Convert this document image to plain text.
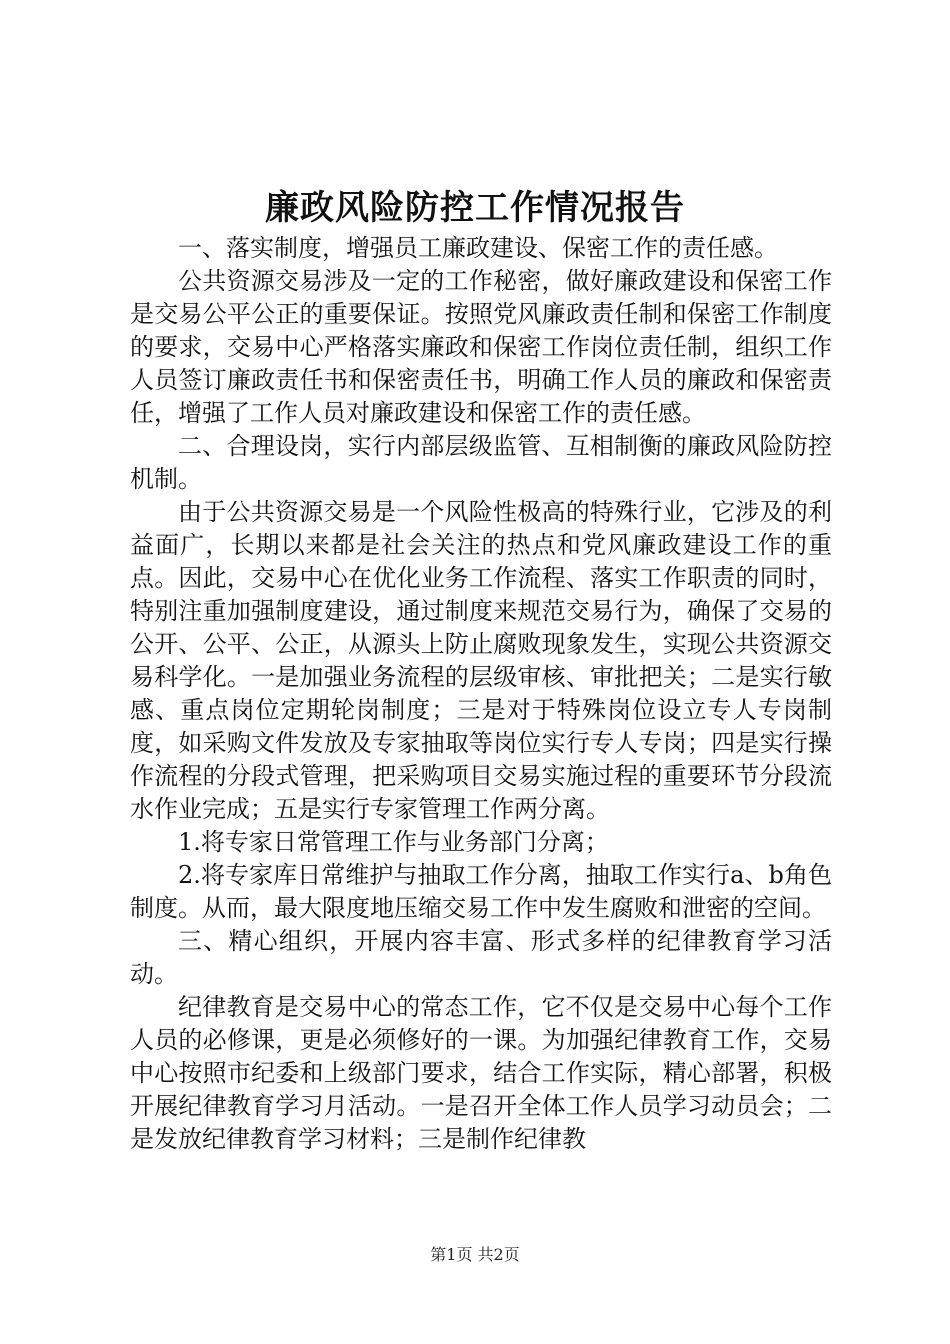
廉政风险防控工作情况报告

一、落实制度，增强员工廉政建设、保密工作的责任感。

公共资源交易涉及一定的工作秘密，做好廉政建设和保密工作是交易公平公正的重要保证。按照党风廉政责任制和保密工作制度的要求，交易中心严格落实廉政和保密工作岗位责任制，组织工作人员签订廉政责任书和保密责任书，明确工作人员的廉政和保密责任，增强了工作人员对廉政建设和保密工作的责任感。

二、合理设岗，实行内部层级监管、互相制衡的廉政风险防控机制。

由于公共资源交易是一个风险性极高的特殊行业，它涉及的利益面广，长期以来都是社会关注的热点和党风廉政建设工作的重点。因此，交易中心在优化业务工作流程、落实工作职责的同时，特别注重加强制度建设，通过制度来规范交易行为，确保了交易的公开、公平、公正，从源头上防止腐败现象发生，实现公共资源交易科学化。一是加强业务流程的层级审核、审批把关；二是实行敏感、重点岗位定期轮岗制度；三是对于特殊岗位设立专人专岗制度，如采购文件发放及专家抽取等岗位实行专人专岗；四是实行操作流程的分段式管理，把采购项目交易实施过程的重要环节分段流水作业完成；五是实行专家管理工作两分离。

1.将专家日常管理工作与业务部门分离；

2.将专家库日常维护与抽取工作分离，抽取工作实行a、b角色制度。从而，最大限度地压缩交易工作中发生腐败和泄密的空间。

三、精心组织，开展内容丰富、形式多样的纪律教育学习活动。

纪律教育是交易中心的常态工作，它不仅是交易中心每个工作人员的必修课，更是必须修好的一课。为加强纪律教育工作，交易中心按照市纪委和上级部门要求，结合工作实际，精心部署，积极开展纪律教育学习月活动。一是召开全体工作人员学习动员会；二是发放纪律教育学习材料；三是制作纪律教

第1页 共2页
